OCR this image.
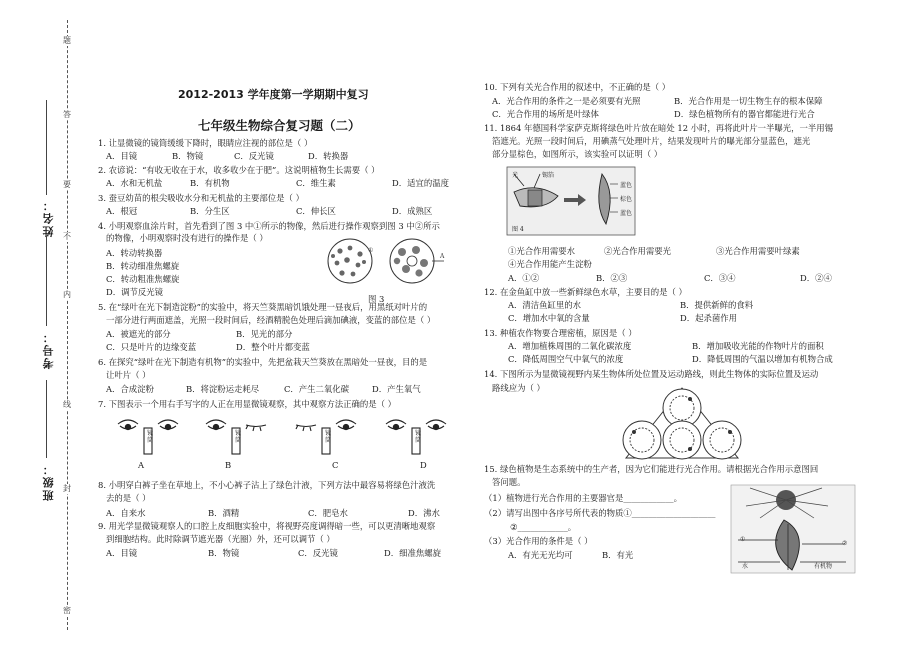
题
答
要
不
内
线
封
密
姓名：
考号：
班级：
2012-2013 学年度第一学期期中复习
七年级生物综合复习题（二）
1. 让显微镜的镜筒缓缓下降时，眼睛应注视的部位是（ ）
A．目镜	B．物镜	C．反光镜	D．转换器
2. 农谚说：“有收无收在于水，收多收少在于肥”。这说明植物生长需要（ ）
A．水和无机盐	B．有机物	C．维生素	D．适宜的温度
3. 蚕豆幼苗的根尖吸收水分和无机盐的主要部位是（ ）
A．根冠	B．分生区	C．伸长区	D．成熟区
4. 小明观察血涂片时，首先看到了图 3 中①所示的物像，然后进行操作观察到图 3 中②所示
的物像，小明观察时没有进行的操作是（ ）
A．转动转换器
B．转动细准焦螺旋
C．转动粗准焦螺旋
D．调节反光镜
①
A
图 3
5. 在“绿叶在光下制造淀粉”的实验中，将天竺葵黑暗饥饿处理一昼夜后，用黑纸对叶片的
一部分进行两面遮盖，光照一段时间后，经酒精脱色处理后滴加碘液，变蓝的部位是（ ）
A．被遮光的部分	B．见光的部分
C．只是叶片的边缘变蓝	D．整个叶片都变蓝
6. 在探究“绿叶在光下制造有机物”的实验中，先把盆栽天竺葵放在黑暗处一昼夜，目的是
让叶片（ ）
A．合成淀粉	B．将淀粉运走耗尽	C．产生二氧化碳	D．产生氧气
7. 下图表示一个用右手写字的人正在用显微镜观察，其中观察方法正确的是（ ）
镜筒
镜筒
镜筒
镜筒
A	B	C	D
8. 小明穿白裤子坐在草地上，不小心裤子沾上了绿色汁液，下列方法中最容易将绿色汁液洗
去的是（ ）
A．自来水	B．酒精	C．肥皂水	D．沸水
9. 用光学显微镜观察人的口腔上皮细胞实验中，将视野亮度调得暗一些，可以更清晰地观察
到细胞结构。此时除调节遮光器（光圈）外，还可以调节（ ）
A．目镜	B．物镜	C．反光镜	D．细准焦螺旋
10. 下列有关光合作用的叙述中，不正确的是（ ）
A．光合作用的条件之一是必须要有光照	B．光合作用是一切生物生存的根本保障
C．光合作用的场所是叶绿体	D．绿色植物所有的器官都能进行光合
11. 1864 年德国科学家萨克斯将绿色叶片放在暗处 12 小时，再将此叶片一半曝光，一半用锡
箔遮光。光照一段时间后，用碘蒸气处理叶片，结果发现叶片的曝光部分显蓝色，遮光
部分显棕色，如图所示，该实验可以证明（ ）
光	锡箔
蓝色
棕色
蓝色
图 4
①光合作用需要水	②光合作用需要光	③光合作用需要叶绿素
④光合作用能产生淀粉
A．①②	B．②③	C．③④	D．②④
12. 在金鱼缸中放一些新鲜绿色水草，主要目的是（ ）
A．清洁鱼缸里的水	B．提供新鲜的食料
C．增加水中氧的含量	D．起杀菌作用
13. 种植农作物要合理密植，原因是（ ）
A．增加植株周围的二氧化碳浓度	B．增加吸收光能的作物叶片的面积
C．降低周围空气中氧气的浓度	D．降低周围的气温以增加有机物合成
14. 下图所示为显微镜视野内某生物体所处位置及运动路线，则此生物体的实际位置及运动
路线应为（ ）
15. 绿色植物是生态系统中的生产者，因为它们能进行光合作用。请根据光合作用示意图回
答问题。
（1）植物进行光合作用的主要器官是____________。
（2）请写出图中各序号所代表的物质①____________________
②____________。
（3）光合作用的条件是（ ）
A．有光无光均可	B．有光
①
②
水	有机物
